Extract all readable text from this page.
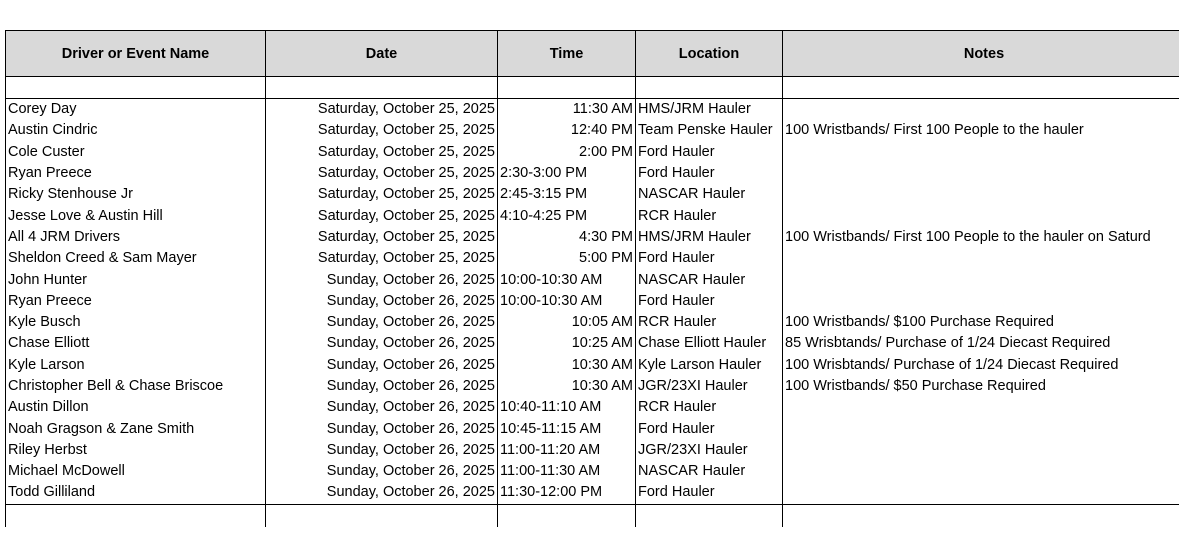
Driver or Event Name	Date	Time	Location	Notes

Corey Day	Saturday, October 25, 2025	11:30 AM	HMS/JRM Hauler	
Austin Cindric	Saturday, October 25, 2025	12:40 PM	Team Penske Hauler	100 Wristbands/ First 100 People to the hauler
Cole Custer	Saturday, October 25, 2025	2:00 PM	Ford Hauler	
Ryan Preece	Saturday, October 25, 2025	2:30-3:00 PM	Ford Hauler	
Ricky Stenhouse Jr	Saturday, October 25, 2025	2:45-3:15 PM	NASCAR Hauler	
Jesse Love & Austin Hill	Saturday, October 25, 2025	4:10-4:25 PM	RCR Hauler	
All 4 JRM Drivers	Saturday, October 25, 2025	4:30 PM	HMS/JRM Hauler	100 Wristbands/ First 100 People to the hauler on Saturd
Sheldon Creed & Sam Mayer	Saturday, October 25, 2025	5:00 PM	Ford Hauler	
John Hunter	Sunday, October 26, 2025	10:00-10:30 AM	NASCAR Hauler	
Ryan Preece	Sunday, October 26, 2025	10:00-10:30 AM	Ford Hauler	
Kyle Busch	Sunday, October 26, 2025	10:05 AM	RCR Hauler	100 Wristbands/ $100 Purchase Required
Chase Elliott	Sunday, October 26, 2025	10:25 AM	Chase Elliott Hauler	85 Wrisbtands/ Purchase of 1/24 Diecast Required
Kyle Larson	Sunday, October 26, 2025	10:30 AM	Kyle Larson Hauler	100 Wrisbtands/ Purchase of 1/24 Diecast Required
Christopher Bell & Chase Briscoe	Sunday, October 26, 2025	10:30 AM	JGR/23XI Hauler	100 Wristbands/ $50 Purchase Required
Austin Dillon	Sunday, October 26, 2025	10:40-11:10 AM	RCR Hauler	
Noah Gragson & Zane Smith	Sunday, October 26, 2025	10:45-11:15 AM	Ford Hauler	
Riley Herbst	Sunday, October 26, 2025	11:00-11:20 AM	JGR/23XI Hauler	
Michael McDowell	Sunday, October 26, 2025	11:00-11:30 AM	NASCAR Hauler	
Todd Gilliland	Sunday, October 26, 2025	11:30-12:00 PM	Ford Hauler	
